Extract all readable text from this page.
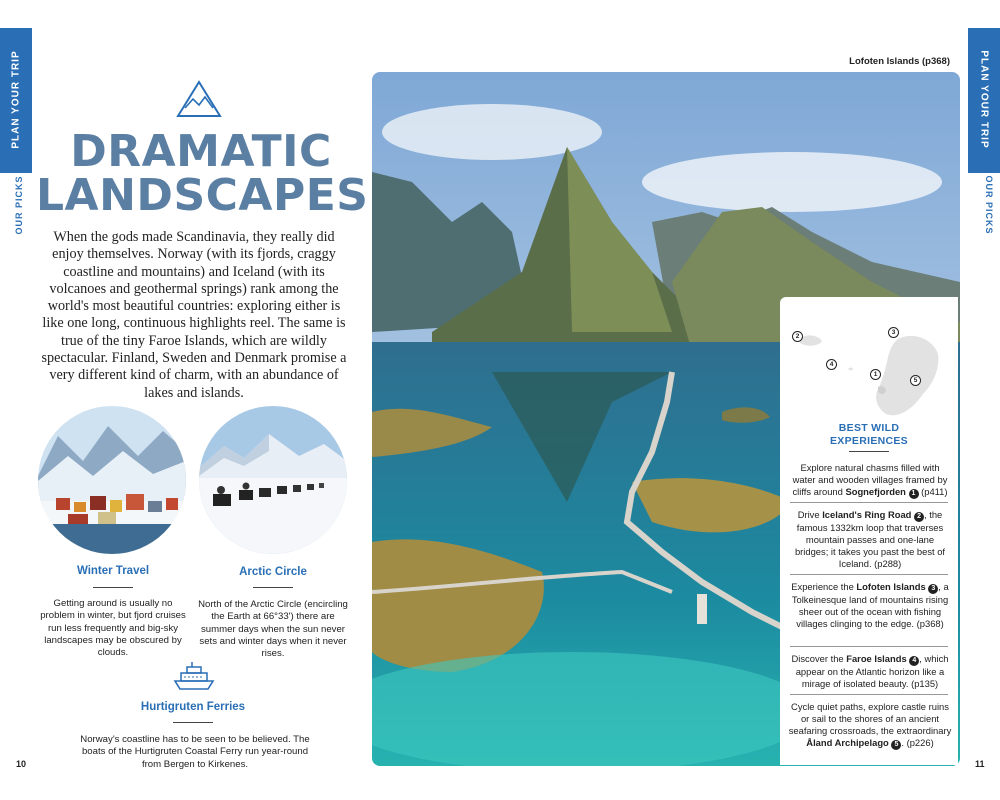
PLAN YOUR TRIP
OUR PICKS
PLAN YOUR TRIP
OUR PICKS
DRAMATIC
LANDSCAPES
When the gods made Scandinavia, they really did enjoy themselves. Norway (with its fjords, craggy coastline and mountains) and Iceland (with its volcanoes and geothermal springs) rank among the world's most beautiful countries: exploring either is like one long, continuous highlights reel. The same is true of the tiny Faroe Islands, which are wildly spectacular. Finland, Sweden and Denmark promise a very different kind of charm, with an abundance of lakes and islands.
Winter Travel
Getting around is usually no problem in winter, but fjord cruises run less frequently and big-sky landscapes may be obscured by clouds.
Arctic Circle
North of the Arctic Circle (encircling the Earth at 66°33') there are summer days when the sun never sets and winter days when it never rises.
Hurtigruten Ferries
Norway's coastline has to be seen to be believed. The boats of the Hurtigruten Coastal Ferry run year-round from Bergen to Kirkenes.
10
Lofoten Islands (p368)
1
2
3
4
5
BEST WILD EXPERIENCES
Explore natural chasms filled with water and wooden villages framed by cliffs around Sognefjorden 1 (p411)
Drive Iceland's Ring Road 2 , the famous 1332km loop that traverses mountain passes and one-lane bridges; it takes you past the best of Iceland. (p288)
Experience the Lofoten Islands 3 , a Tolkeinesque land of mountains rising sheer out of the ocean with fishing villages clinging to the edge. (p368)
Discover the Faroe Islands 4 , which appear on the Atlantic horizon like a mirage of isolated beauty. (p135)
Cycle quiet paths, explore castle ruins or sail to the shores of an ancient seafaring crossroads, the extraordinary Åland Archipelago 5 . (p226)
11
